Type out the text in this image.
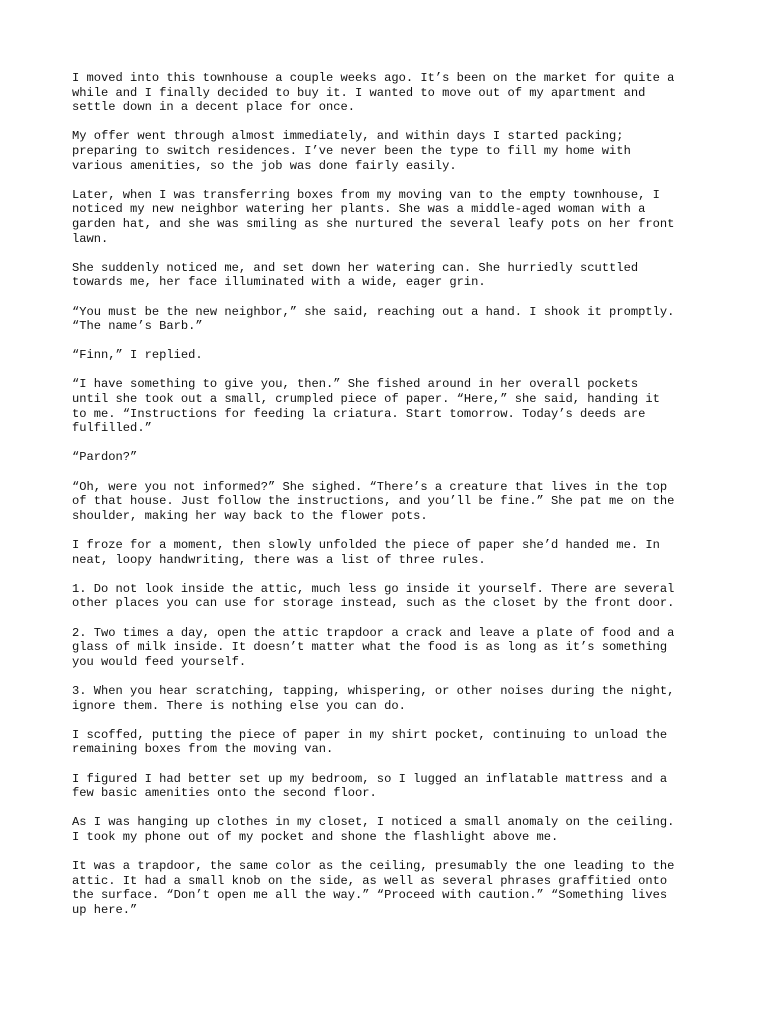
I moved into this townhouse a couple weeks ago. It’s been on the market for quite a
while and I finally decided to buy it. I wanted to move out of my apartment and
settle down in a decent place for once.

My offer went through almost immediately, and within days I started packing;
preparing to switch residences. I’ve never been the type to fill my home with
various amenities, so the job was done fairly easily.

Later, when I was transferring boxes from my moving van to the empty townhouse, I
noticed my new neighbor watering her plants. She was a middle-aged woman with a
garden hat, and she was smiling as she nurtured the several leafy pots on her front
lawn.

She suddenly noticed me, and set down her watering can. She hurriedly scuttled
towards me, her face illuminated with a wide, eager grin.

“You must be the new neighbor,” she said, reaching out a hand. I shook it promptly.
“The name’s Barb.”

“Finn,” I replied.

“I have something to give you, then.” She fished around in her overall pockets
until she took out a small, crumpled piece of paper. “Here,” she said, handing it
to me. “Instructions for feeding la criatura. Start tomorrow. Today’s deeds are
fulfilled.”

“Pardon?”

“Oh, were you not informed?” She sighed. “There’s a creature that lives in the top
of that house. Just follow the instructions, and you’ll be fine.” She pat me on the
shoulder, making her way back to the flower pots.

I froze for a moment, then slowly unfolded the piece of paper she’d handed me. In
neat, loopy handwriting, there was a list of three rules.

1. Do not look inside the attic, much less go inside it yourself. There are several
other places you can use for storage instead, such as the closet by the front door.

2. Two times a day, open the attic trapdoor a crack and leave a plate of food and a
glass of milk inside. It doesn’t matter what the food is as long as it’s something
you would feed yourself.

3. When you hear scratching, tapping, whispering, or other noises during the night,
ignore them. There is nothing else you can do.

I scoffed, putting the piece of paper in my shirt pocket, continuing to unload the
remaining boxes from the moving van.

I figured I had better set up my bedroom, so I lugged an inflatable mattress and a
few basic amenities onto the second floor.

As I was hanging up clothes in my closet, I noticed a small anomaly on the ceiling.
I took my phone out of my pocket and shone the flashlight above me.

It was a trapdoor, the same color as the ceiling, presumably the one leading to the
attic. It had a small knob on the side, as well as several phrases graffitied onto
the surface. “Don’t open me all the way.” “Proceed with caution.” “Something lives
up here.”
